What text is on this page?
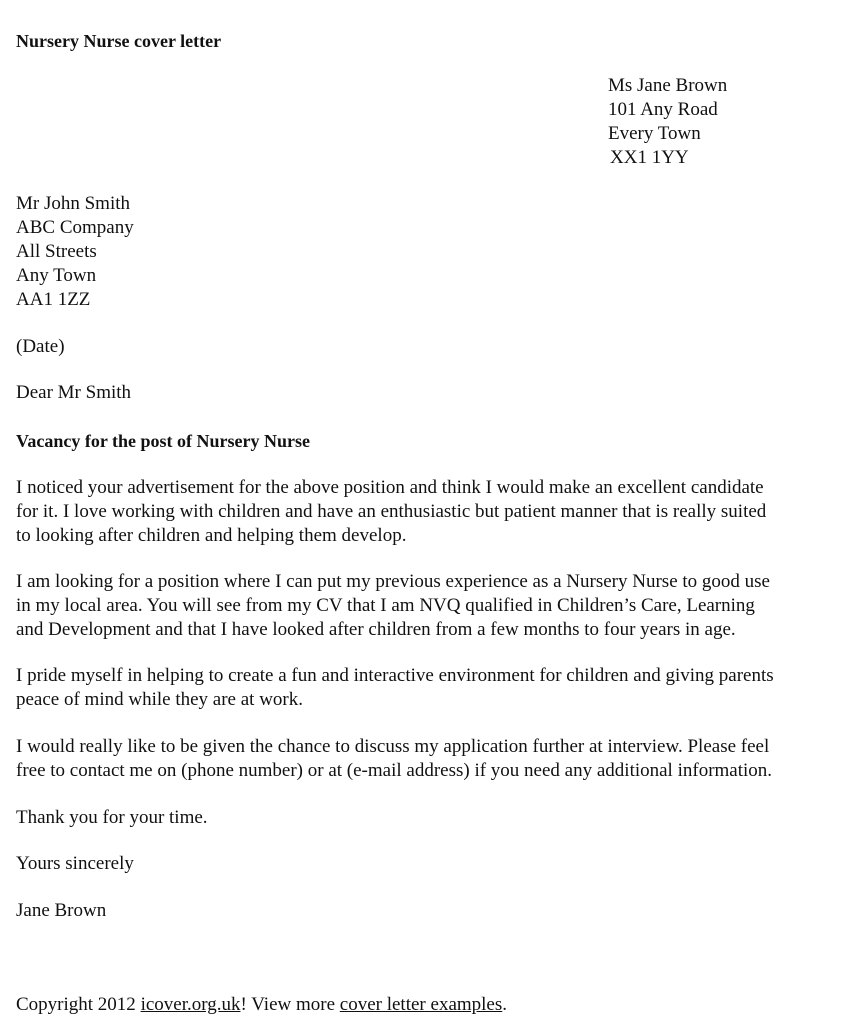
Nursery Nurse cover letter
Ms Jane Brown
101 Any Road
Every Town
XX1 1YY
Mr John Smith
ABC Company
All Streets
Any Town
AA1 1ZZ
(Date)
Dear Mr Smith
Vacancy for the post of Nursery Nurse
I noticed your advertisement for the above position and think I would make an excellent candidate
for it. I love working with children and have an enthusiastic but patient manner that is really suited
to looking after children and helping them develop.
I am looking for a position where I can put my previous experience as a Nursery Nurse to good use
in my local area. You will see from my CV that I am NVQ qualified in Children’s Care, Learning
and Development and that I have looked after children from a few months to four years in age.
I pride myself in helping to create a fun and interactive environment for children and giving parents
peace of mind while they are at work.
I would really like to be given the chance to discuss my application further at interview. Please feel
free to contact me on (phone number) or at (e-mail address) if you need any additional information.
Thank you for your time.
Yours sincerely
Jane Brown
Copyright 2012 icover.org.uk! View more cover letter examples.
